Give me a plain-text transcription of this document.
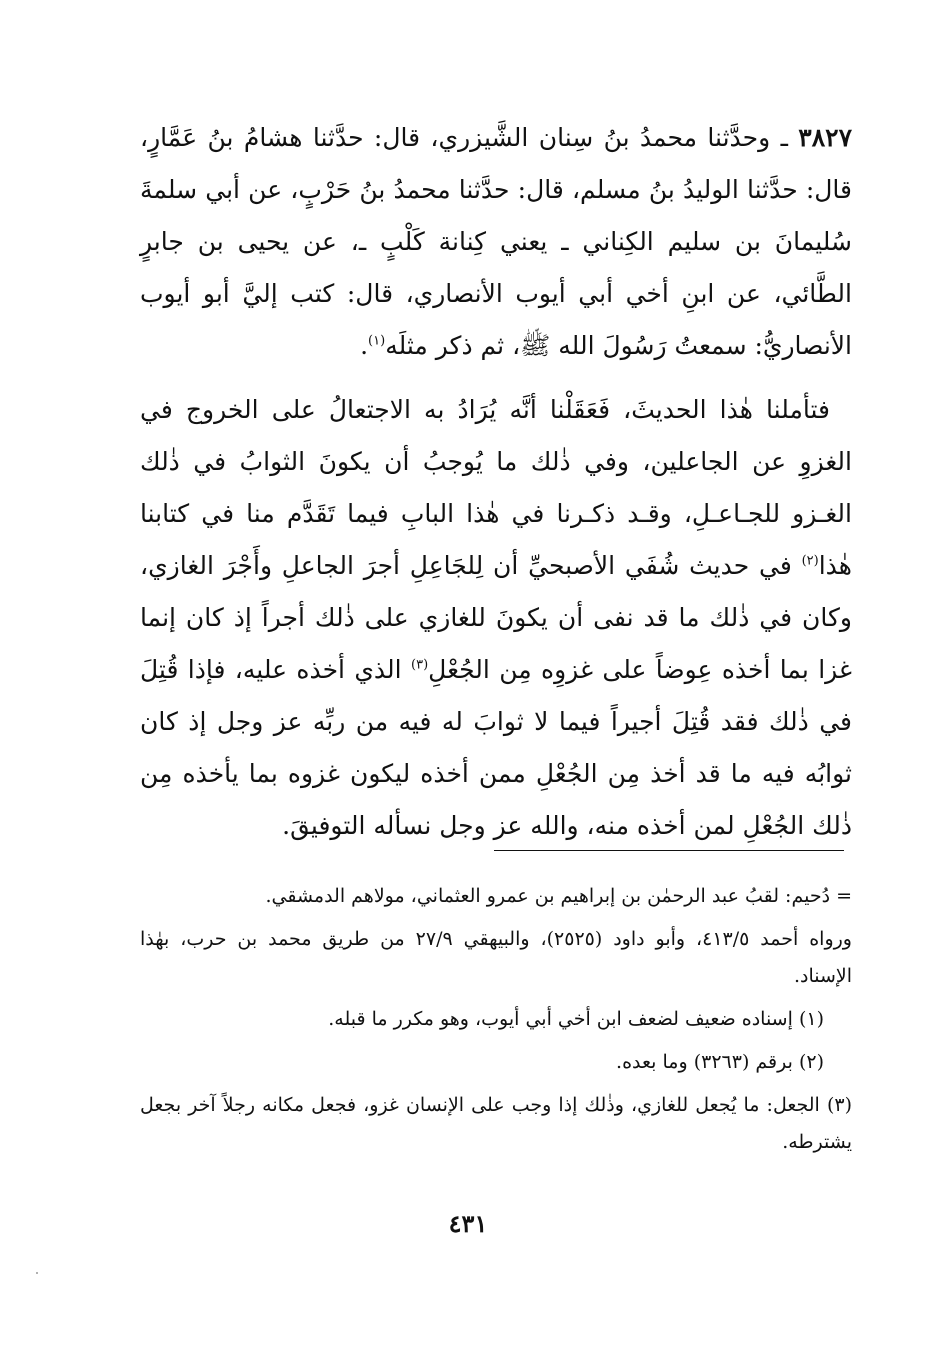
٣٨٢٧ ـ وحدَّثنا محمدُ بنُ سِنان الشَّيزري، قال: حدَّثنا هشامُ بنُ عَمَّارٍ، قال: حدَّثنا الوليدُ بنُ مسلم، قال: حدَّثنا محمدُ بنُ حَرْبٍ، عن أبي سلمةَ سُليمانَ بن سليم الكِناني ـ يعني كِنانة كَلْبٍ ـ، عن يحيى بن جابرٍ الطَّائي، عن ابنِ أخي أبي أيوب الأنصاري، قال: كتب إليَّ أبو أيوب الأنصاريُّ: سمعتُ رَسُولَ الله ﷺ، ثم ذكر مثلَه$^{(١)}$.

فتأملنا هٰذا الحديثَ، فَعَقَلْنا أنَّه يُرَادُ به الاجتعالُ على الخروج في الغزوِ عن الجاعلين، وفي ذٰلك ما يُوجبُ أن يكونَ الثوابُ في ذٰلك الغـزو للجـاعـلِ، وقـد ذكـرنا في هٰذا البابِ فيما تَقَدَّم منا في كتابنا هٰذا$^{(٢)}$ في حديث شُفَي الأصبحيِّ أن لِلجَاعِلِ أجرَ الجاعلِ وأَجْرَ الغازي، وكان في ذٰلك ما قد نفى أن يكونَ للغازي على ذٰلك أجراً إذ كان إنما غزا بما أخذه عِوضاً على غزوِه مِن الجُعْلِ$^{(٣)}$ الذي أخذه عليه، فإذا قُتِلَ في ذٰلك فقد قُتِلَ أجيراً فيما لا ثوابَ له فيه من ربِّه عز وجل إذ كان ثوابُه فيه ما قد أخذ مِن الجُعْلِ ممن أخذه ليكون غزوه بما يأخذه مِن ذٰلك الجُعْلِ لمن أخذه منه، والله عز وجل نسأله التوفيقَ.

= دُحيم: لقبُ عبد الرحمٰن بن إبراهيم بن عمرو العثماني، مولاهم الدمشقي.

ورواه أحمد ٤١٣/٥، وأبو داود (٢٥٢٥)، والبيهقي ٢٧/٩ من طريق محمد بن حرب، بهٰذا الإسناد.

(١) إسناده ضعيف لضعف ابن أخي أبي أيوب، وهو مكرر ما قبله.

(٢) برقم (٣٢٦٣) وما بعده.

(٣) الجعل: ما يُجعل للغازي، وذٰلك إذا وجب على الإنسان غزو، فجعل مكانه رجلاً آخر بجعل يشترطه.

٤٣١
